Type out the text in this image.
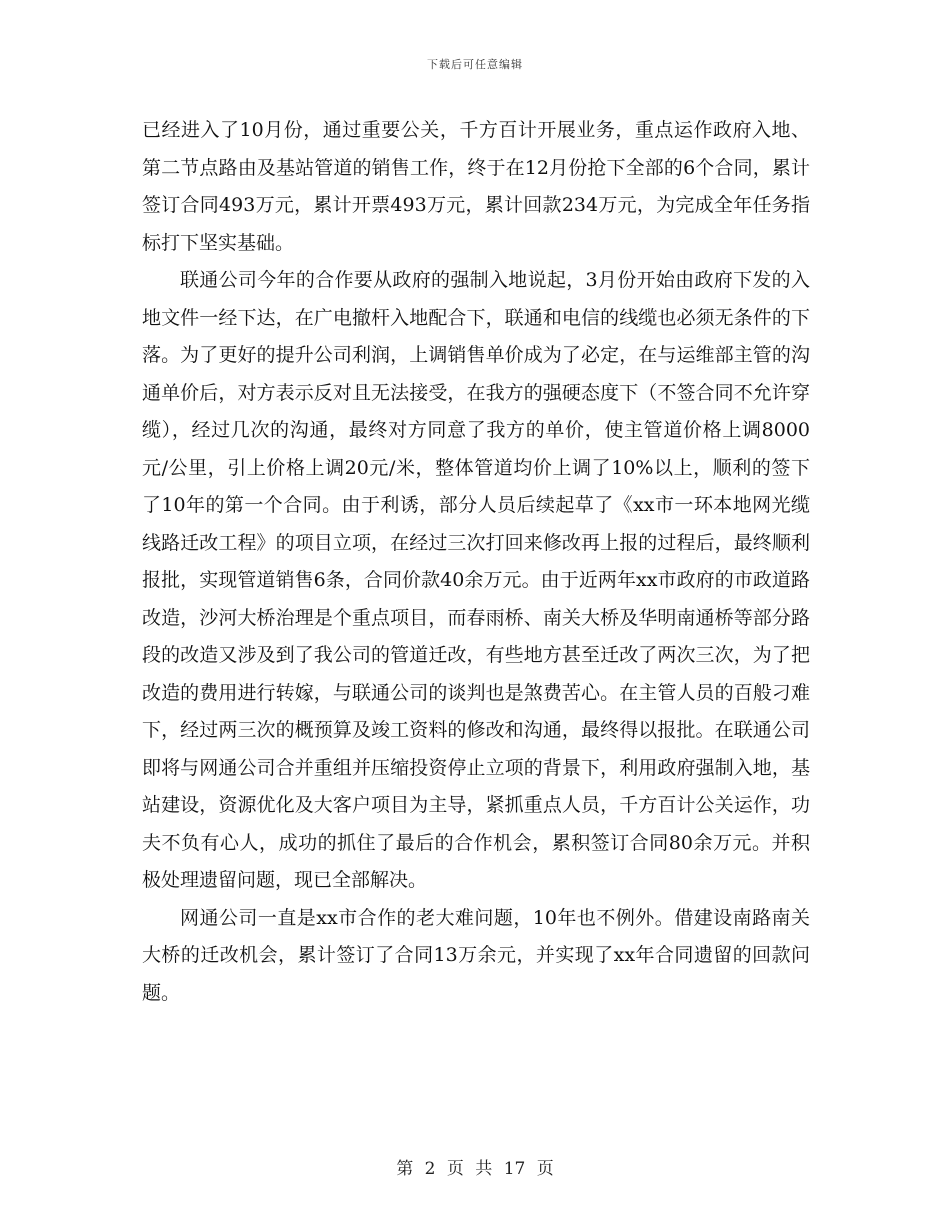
下载后可任意编辑

已经进入了10月份，通过重要公关，千方百计开展业务，重点运作政府入地、第二节点路由及基站管道的销售工作，终于在12月份抢下全部的6个合同，累计签订合同493万元，累计开票493万元，累计回款234万元，为完成全年任务指标打下坚实基础。

联通公司今年的合作要从政府的强制入地说起，3月份开始由政府下发的入地文件一经下达，在广电撤杆入地配合下，联通和电信的线缆也必须无条件的下落。为了更好的提升公司利润，上调销售单价成为了必定，在与运维部主管的沟通单价后，对方表示反对且无法接受，在我方的强硬态度下（不签合同不允许穿缆），经过几次的沟通，最终对方同意了我方的单价，使主管道价格上调8000元/公里，引上价格上调20元/米，整体管道均价上调了10%以上，顺利的签下了10年的第一个合同。由于利诱，部分人员后续起草了《xx市一环本地网光缆线路迁改工程》的项目立项，在经过三次打回来修改再上报的过程后，最终顺利报批，实现管道销售6条，合同价款40余万元。由于近两年xx市政府的市政道路改造，沙河大桥治理是个重点项目，而春雨桥、南关大桥及华明南通桥等部分路段的改造又涉及到了我公司的管道迁改，有些地方甚至迁改了两次三次，为了把改造的费用进行转嫁，与联通公司的谈判也是煞费苦心。在主管人员的百般刁难下，经过两三次的概预算及竣工资料的修改和沟通，最终得以报批。在联通公司即将与网通公司合并重组并压缩投资停止立项的背景下，利用政府强制入地，基站建设，资源优化及大客户项目为主导，紧抓重点人员，千方百计公关运作，功夫不负有心人，成功的抓住了最后的合作机会，累积签订合同80余万元。并积极处理遗留问题，现已全部解决。

网通公司一直是xx市合作的老大难问题，10年也不例外。借建设南路南关大桥的迁改机会，累计签订了合同13万余元，并实现了xx年合同遗留的回款问题。

第 2 页 共 17 页
